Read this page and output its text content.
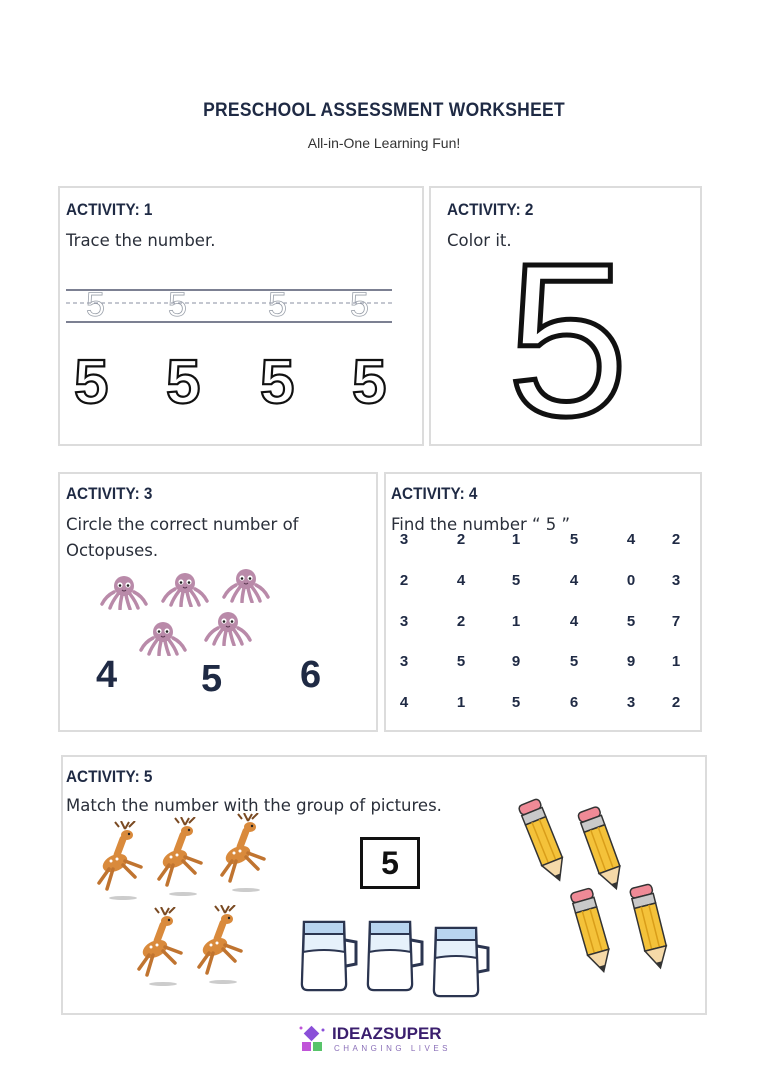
PRESCHOOL ASSESSMENT WORKSHEET
All-in-One Learning Fun!
ACTIVITY: 1
Trace the number.
5 5 5 5
5 5 5 5
ACTIVITY: 2
Color it.
5
ACTIVITY: 3
Circle the correct number of Octopuses.
4 5 6
ACTIVITY: 4
Find the number “ 5 ”
3	2	1	5	4	2
2	4	5	4	0	3
3	2	1	4	5	7
3	5	9	5	9	1
4	1	5	6	3	2
ACTIVITY: 5
Match the number with the group of pictures.
5
IDEAZSUPER
CHANGING LIVES
